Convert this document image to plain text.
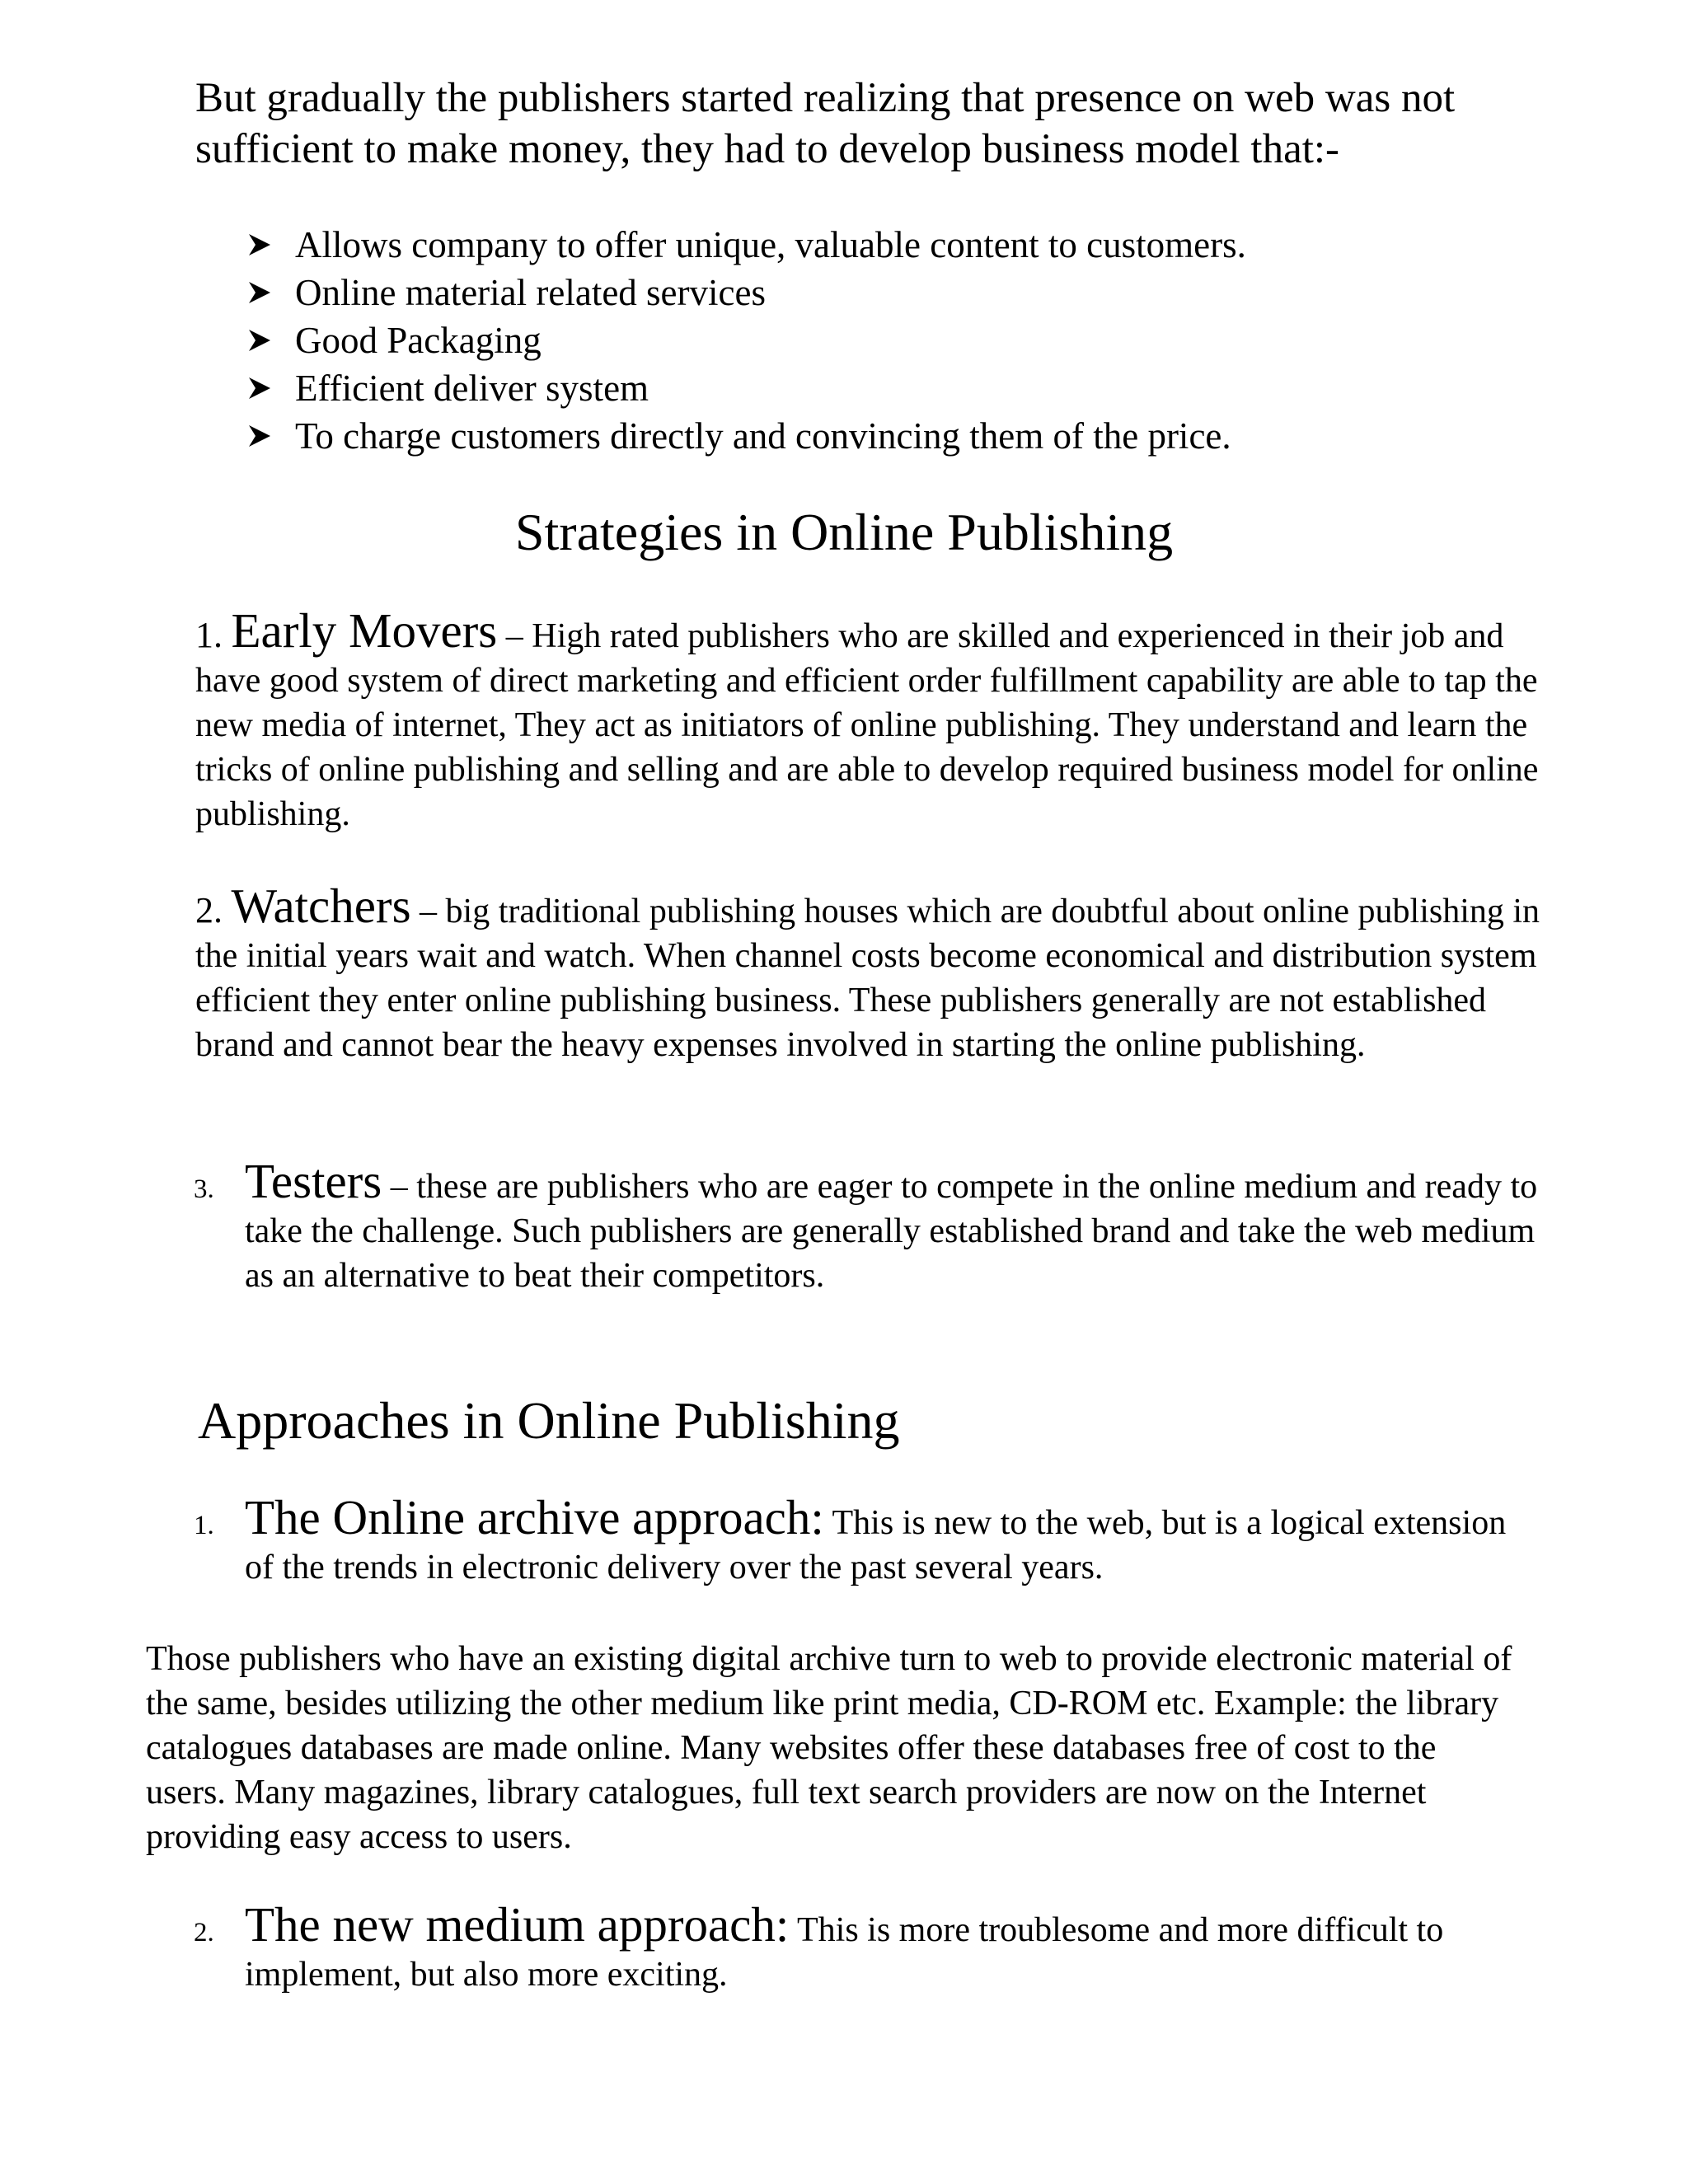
But gradually the publishers started realizing that presence on web was not sufficient to make money, they had to develop business model that:-

Allows company to offer unique, valuable content to customers.
Online material related services
Good Packaging
Efficient deliver system
To charge customers directly and convincing them of the price.
Strategies in Online Publishing

1. Early Movers – High rated publishers who are skilled and experienced in their job and have good system of direct marketing and efficient order fulfillment capability are able to tap the new media of internet, They act as initiators of online publishing. They understand and learn the tricks of online publishing and selling and are able to develop required business model for online publishing.

2. Watchers – big traditional publishing houses which are doubtful about online publishing in the initial years wait and watch. When channel costs become economical and distribution system efficient they enter online publishing business. These publishers generally are not established brand and cannot bear the heavy expenses involved in starting the online publishing.

3. Testers – these are publishers who are eager to compete in the online medium and ready to take the challenge. Such publishers are generally established brand and take the web medium as an alternative to beat their competitors.

Approaches in Online Publishing

1. The Online archive approach: This is new to the web, but is a logical extension of the trends in electronic delivery over the past several years.

Those publishers who have an existing digital archive turn to web to provide electronic material of the same, besides utilizing the other medium like print media, CD-ROM etc. Example: the library catalogues databases are made online. Many websites offer these databases free of cost to the users. Many magazines, library catalogues, full text search providers are now on the Internet providing easy access to users.

2. The new medium approach: This is more troublesome and more difficult to implement, but also more exciting.
